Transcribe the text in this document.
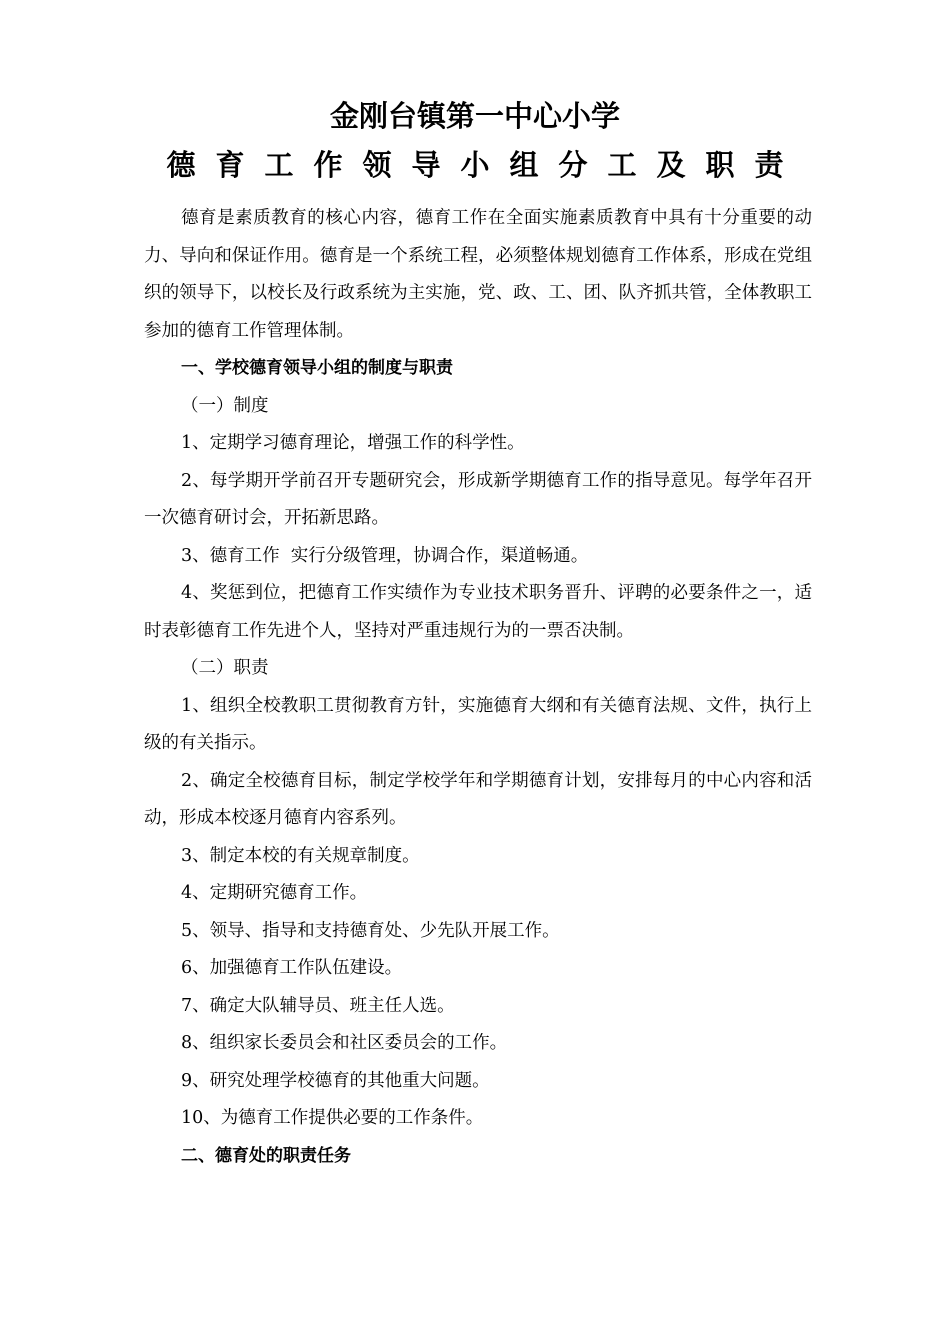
金刚台镇第一中心小学
德育工作领导小组分工及职责

德育是素质教育的核心内容，德育工作在全面实施素质教育中具有十分重要的动力、导向和保证作用。德育是一个系统工程，必须整体规划德育工作体系，形成在党组织的领导下，以校长及行政系统为主实施，党、政、工、团、队齐抓共管，全体教职工参加的德育工作管理体制。

一、学校德育领导小组的制度与职责

（一）制度

1、定期学习德育理论，增强工作的科学性。

2、每学期开学前召开专题研究会，形成新学期德育工作的指导意见。每学年召开一次德育研讨会，开拓新思路。

3、德育工作  实行分级管理，协调合作，渠道畅通。

4、奖惩到位，把德育工作实绩作为专业技术职务晋升、评聘的必要条件之一，适时表彰德育工作先进个人，坚持对严重违规行为的一票否决制。

（二）职责

1、组织全校教职工贯彻教育方针，实施德育大纲和有关德育法规、文件，执行上级的有关指示。

2、确定全校德育目标，制定学校学年和学期德育计划，安排每月的中心内容和活动，形成本校逐月德育内容系列。

3、制定本校的有关规章制度。

4、定期研究德育工作。

5、领导、指导和支持德育处、少先队开展工作。

6、加强德育工作队伍建设。

7、确定大队辅导员、班主任人选。

8、组织家长委员会和社区委员会的工作。

9、研究处理学校德育的其他重大问题。

10、为德育工作提供必要的工作条件。

二、德育处的职责任务
